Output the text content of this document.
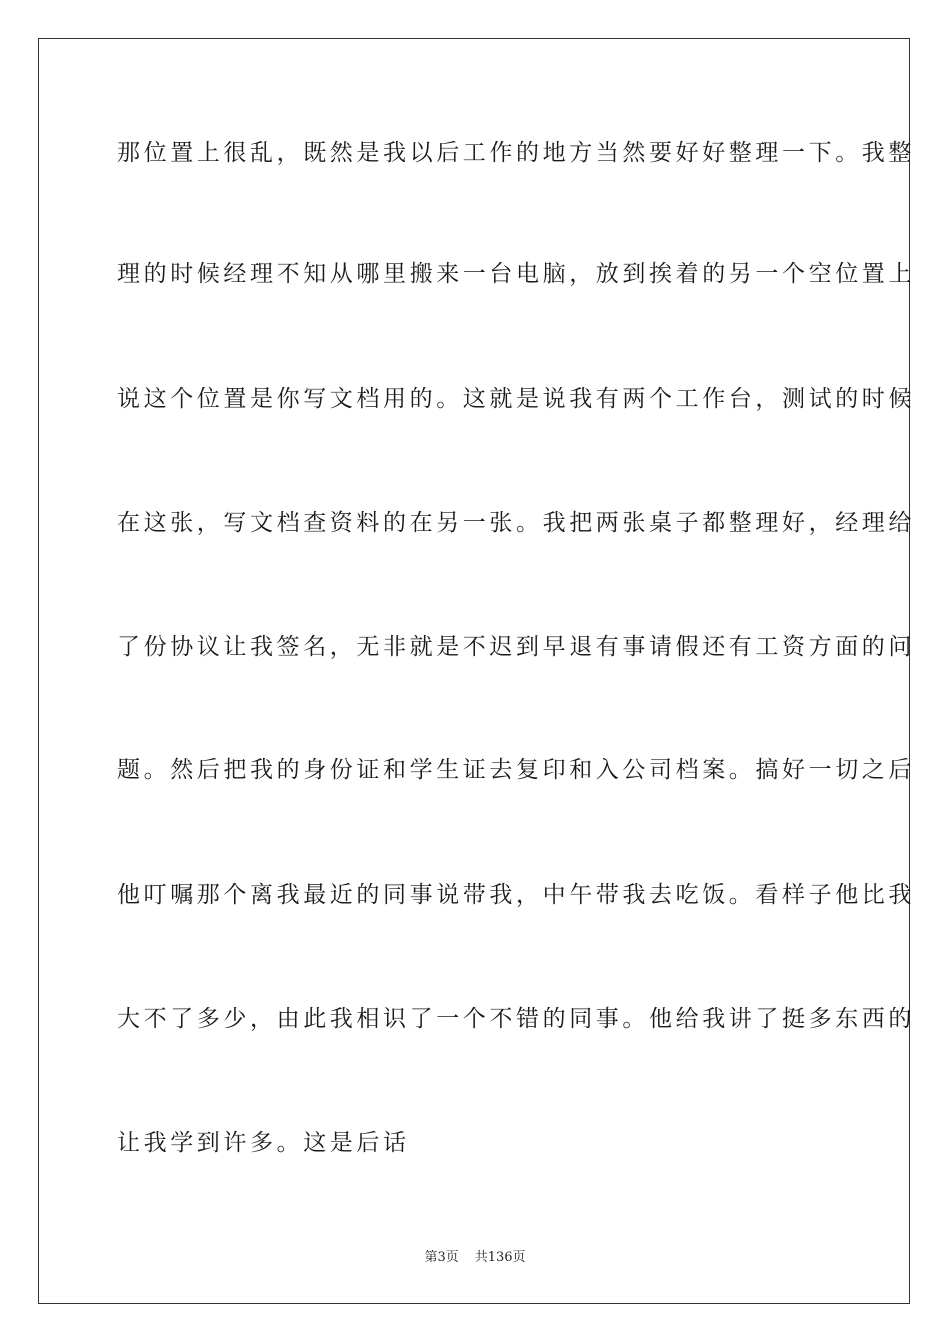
那位置上很乱，既然是我以后工作的地方当然要好好整理一下。我整
理的时候经理不知从哪里搬来一台电脑，放到挨着的另一个空位置上
说这个位置是你写文档用的。这就是说我有两个工作台，测试的时候
在这张，写文档查资料的在另一张。我把两张桌子都整理好，经理给
了份协议让我签名，无非就是不迟到早退有事请假还有工资方面的问
题。然后把我的身份证和学生证去复印和入公司档案。搞好一切之后
他叮嘱那个离我最近的同事说带我，中午带我去吃饭。看样子他比我
大不了多少，由此我相识了一个不错的同事。他给我讲了挺多东西的
让我学到许多。这是后话
第3页 共136页
